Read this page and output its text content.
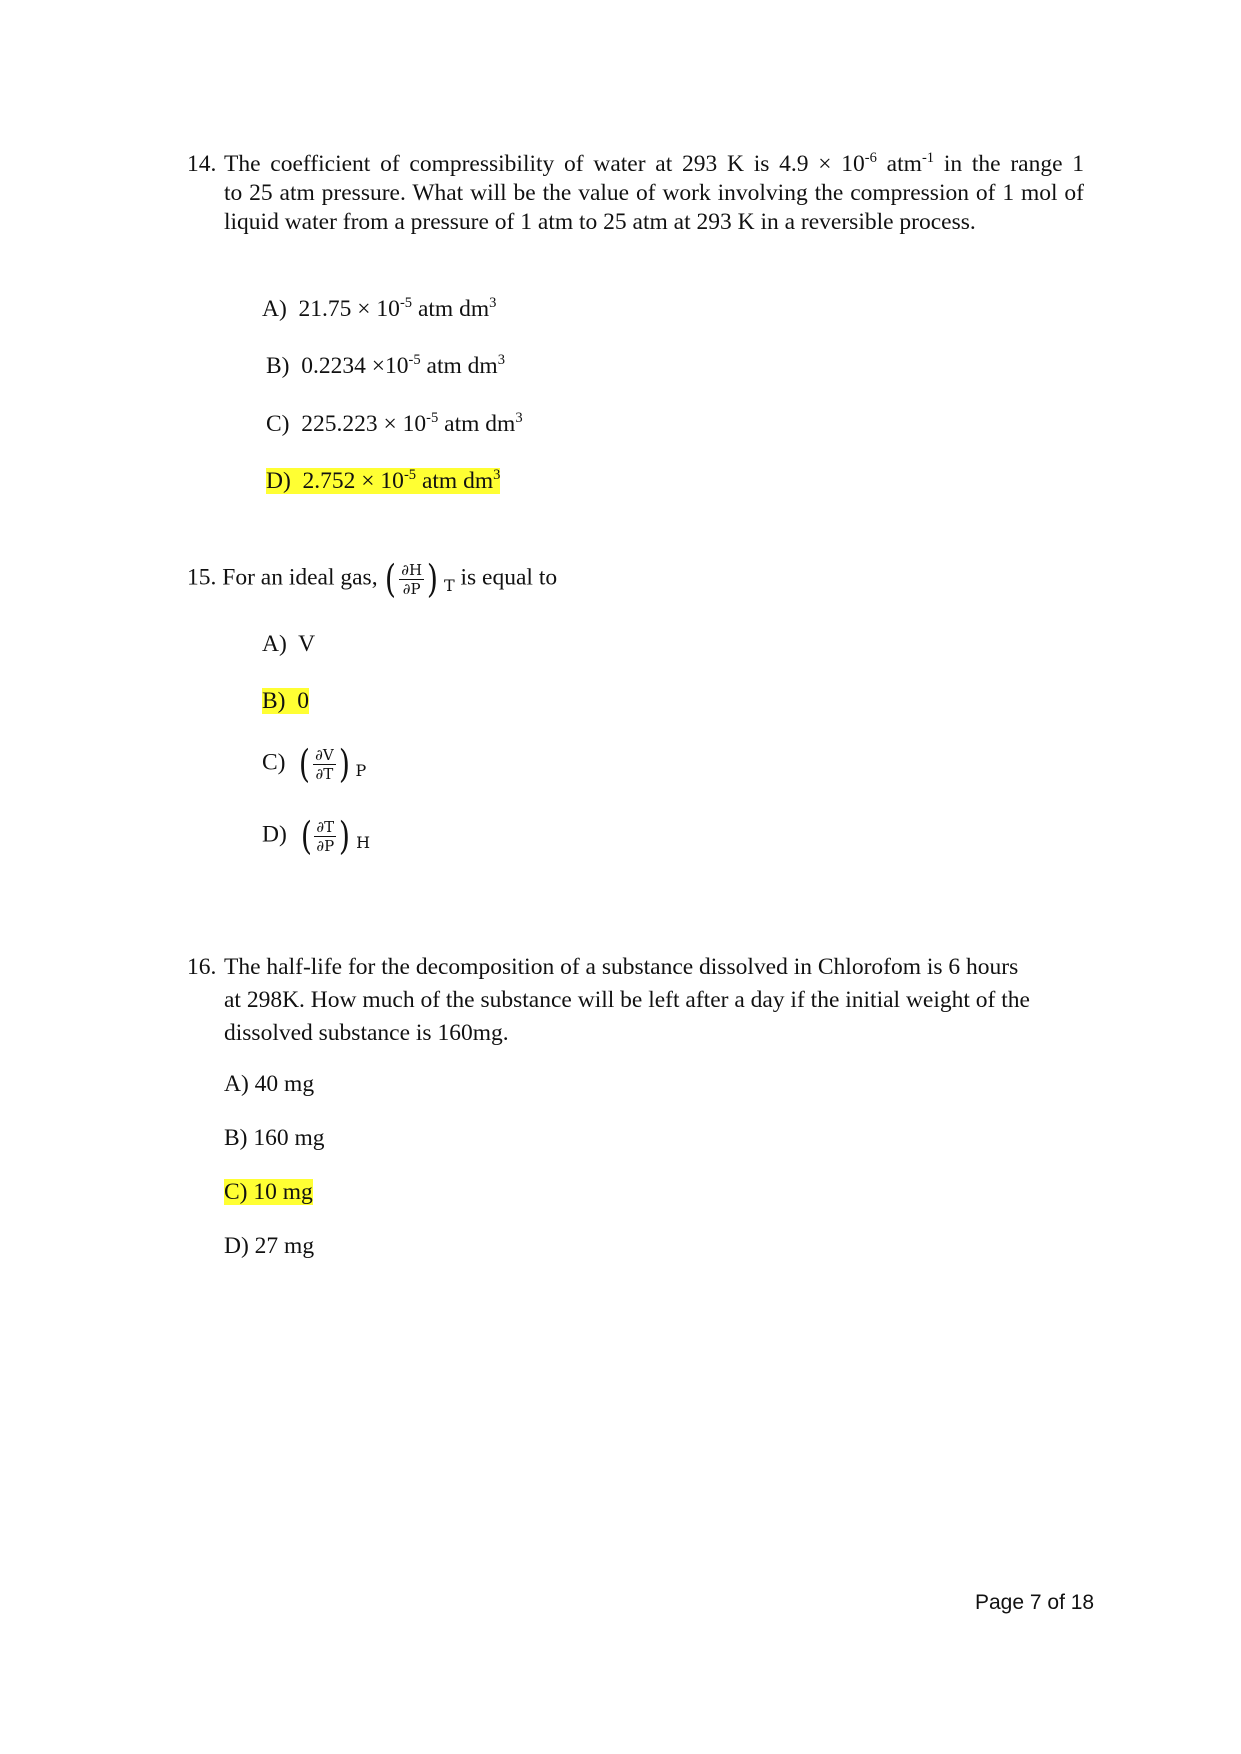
14. The coefficient of compressibility of water at 293 K is $4.9 \times 10^{-6}$ atm$^{-1}$ in the range 1
to 25 atm pressure. What will be the value of work involving the compression of 1 mol of liquid water from a pressure of 1 atm to 25 atm at 293 K in a reversible process.
A) $21.75 \times 10^{-5}$ atm $dm^3$
B) $0.2234 \times 10^{-5}$ atm $dm^3$
C) $225.223 \times 10^{-5}$ atm $dm^3$
D) $2.752 \times 10^{-5}$ atm $dm^3$
15. For an ideal gas, ( $\frac{\partial H}{\partial P}$ ) $_T$ is equal to
A) V
B) 0
C) ( $\frac{\partial V}{\partial T}$ ) $_P$
D) ( $\frac{\partial T}{\partial P}$ ) $_H$
16. The half-life for the decomposition of a substance dissolved in Chlorofom is 6 hours
at 298K. How much of the substance will be left after a day if the initial weight of the
dissolved substance is 160mg.
A) 40 mg
B) 160 mg
C) 10 mg
D) 27 mg
Page 7 of 18
